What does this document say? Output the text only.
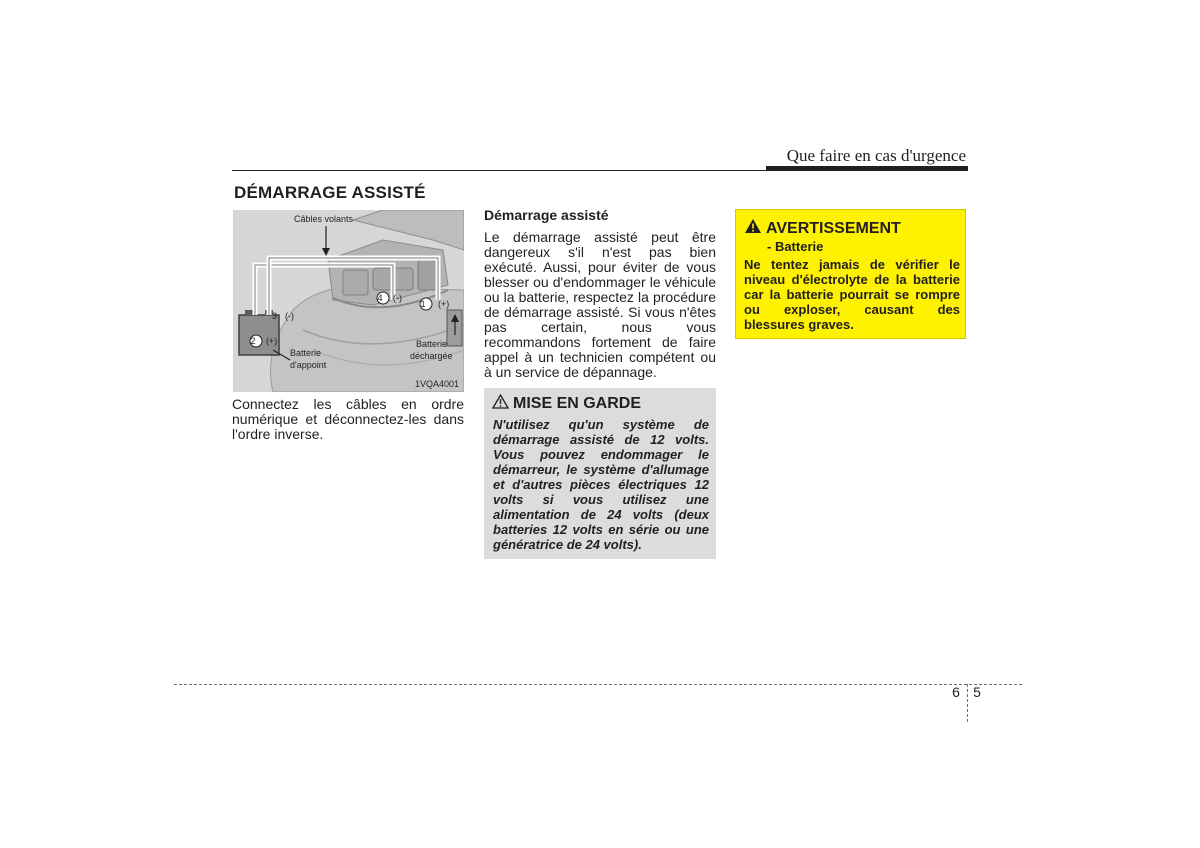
Que faire en cas d'urgence
DÉMARRAGE ASSISTÉ
Câbles volants
1 (+)
2 (+)
3 (-)
4 (-)
Batterie
d'appoint
Batterie
déchargée
1VQA4001
Connectez les câbles en ordre numérique et déconnectez-les dans l'ordre inverse.
Démarrage assisté
Le démarrage assisté peut être dangereux s'il n'est pas bien exécuté. Aussi, pour éviter de vous blesser ou d'endommager le véhicule ou la batterie, respectez la procédure de démarrage assisté. Si vous n'êtes pas certain, nous vous recommandons fortement de faire appel à un technicien compétent ou à un service de dépannage.
MISE EN GARDE
N'utilisez qu'un système de démarrage assisté de 12 volts. Vous pouvez endommager le démarreur, le système d'allumage et d'autres pièces électriques 12 volts si vous utilisez une alimentation de 24 volts (deux batteries 12 volts en série ou une génératrice de 24 volts).
AVERTISSEMENT
- Batterie
Ne tentez jamais de vérifier le niveau d'électrolyte de la batterie car la batterie pourrait se rompre ou exploser, causant des blessures graves.
6 5
